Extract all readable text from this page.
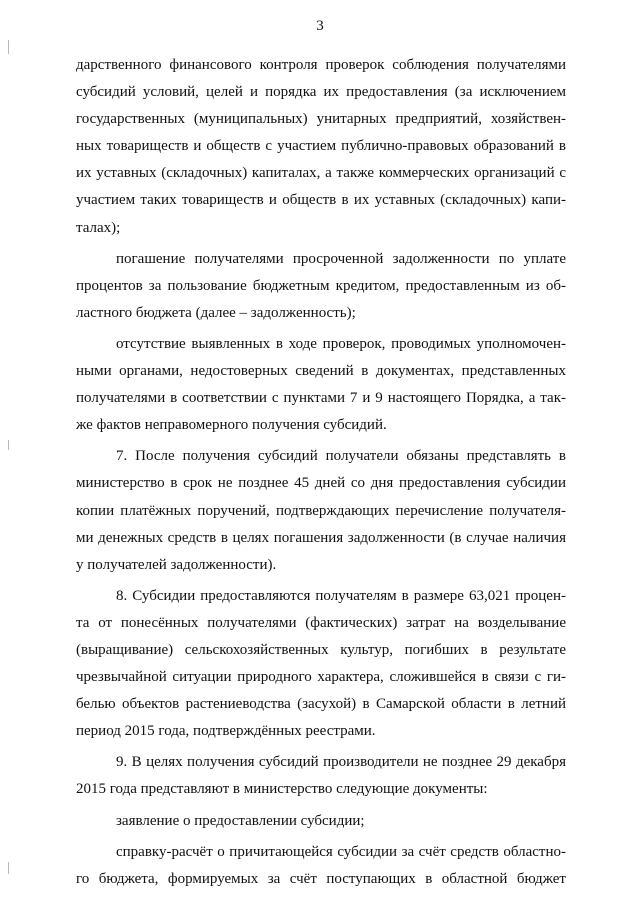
3
дарственного финансового контроля проверок соблюдения получателями
субсидий условий, целей и порядка их предоставления (за исключением
государственных (муниципальных) унитарных предприятий, хозяйствен-
ных товариществ и обществ с участием публично-правовых образований в
их уставных (складочных) капиталах, а также коммерческих организаций с
участием таких товариществ и обществ в их уставных (складочных) капи-
талах);
погашение получателями просроченной задолженности по уплате
процентов за пользование бюджетным кредитом, предоставленным из об-
ластного бюджета (далее – задолженность);
отсутствие выявленных в ходе проверок, проводимых уполномочен-
ными органами, недостоверных сведений в документах, представленных
получателями в соответствии с пунктами 7 и 9 настоящего Порядка, а так-
же фактов неправомерного получения субсидий.
7. После получения субсидий получатели обязаны представлять в
министерство в срок не позднее 45 дней со дня предоставления субсидии
копии платёжных поручений, подтверждающих перечисление получателя-
ми денежных средств в целях погашения задолженности (в случае наличия
у получателей задолженности).
8. Субсидии предоставляются получателям в размере 63,021 процен-
та от понесённых получателями (фактических) затрат на возделывание
(выращивание) сельскохозяйственных культур, погибших в результате
чрезвычайной ситуации природного характера, сложившейся в связи с ги-
белью объектов растениеводства (засухой) в Самарской области в летний
период 2015 года, подтверждённых реестрами.
9. В целях получения субсидий производители не позднее 29 декабря
2015 года представляют в министерство следующие документы:
заявление о предоставлении субсидии;
справку-расчёт о причитающейся субсидии за счёт средств областно-
го бюджета, формируемых за счёт поступающих в областной бюджет
